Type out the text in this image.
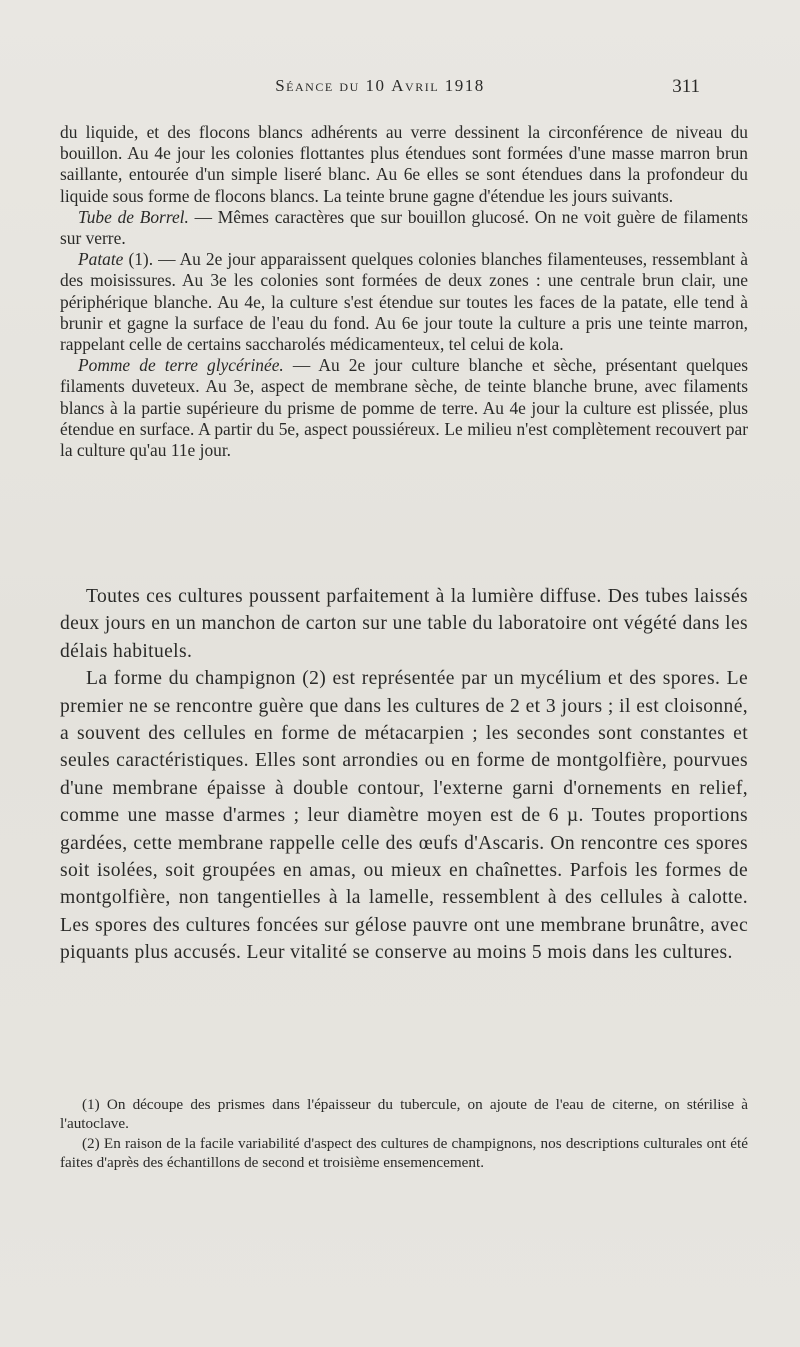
Séance du 10 Avril 1918	311

du liquide, et des flocons blancs adhérents au verre dessinent la circonférence de niveau du bouillon. Au 4e jour les colonies flottantes plus étendues sont formées d'une masse marron brun saillante, entourée d'un simple liseré blanc. Au 6e elles se sont étendues dans la profondeur du liquide sous forme de flocons blancs. La teinte brune gagne d'étendue les jours suivants.

Tube de Borrel. — Mêmes caractères que sur bouillon glucosé. On ne voit guère de filaments sur verre.

Patate (1). — Au 2e jour apparaissent quelques colonies blanches filamenteuses, ressemblant à des moisissures. Au 3e les colonies sont formées de deux zones : une centrale brun clair, une périphérique blanche. Au 4e, la culture s'est étendue sur toutes les faces de la patate, elle tend à brunir et gagne la surface de l'eau du fond. Au 6e jour toute la culture a pris une teinte marron, rappelant celle de certains saccharolés médicamenteux, tel celui de kola.

Pomme de terre glycérinée. — Au 2e jour culture blanche et sèche, présentant quelques filaments duveteux. Au 3e, aspect de membrane sèche, de teinte blanche brune, avec filaments blancs à la partie supérieure du prisme de pomme de terre. Au 4e jour la culture est plissée, plus étendue en surface. A partir du 5e, aspect poussiéreux. Le milieu n'est complètement recouvert par la culture qu'au 11e jour.

Toutes ces cultures poussent parfaitement à la lumière diffuse. Des tubes laissés deux jours en un manchon de carton sur une table du laboratoire ont végété dans les délais habituels.

La forme du champignon (2) est représentée par un mycélium et des spores. Le premier ne se rencontre guère que dans les cultures de 2 et 3 jours ; il est cloisonné, a souvent des cellules en forme de métacarpien ; les secondes sont constantes et seules caractéristiques. Elles sont arrondies ou en forme de montgolfière, pourvues d'une membrane épaisse à double contour, l'externe garni d'ornements en relief, comme une masse d'armes ; leur diamètre moyen est de 6 µ. Toutes proportions gardées, cette membrane rappelle celle des œufs d'Ascaris. On rencontre ces spores soit isolées, soit groupées en amas, ou mieux en chaînettes. Parfois les formes de montgolfière, non tangentielles à la lamelle, ressemblent à des cellules à calotte. Les spores des cultures foncées sur gélose pauvre ont une membrane brunâtre, avec piquants plus accusés. Leur vitalité se conserve au moins 5 mois dans les cultures.

(1) On découpe des prismes dans l'épaisseur du tubercule, on ajoute de l'eau de citerne, on stérilise à l'autoclave.

(2) En raison de la facile variabilité d'aspect des cultures de champignons, nos descriptions culturales ont été faites d'après des échantillons de second et troisième ensemencement.
